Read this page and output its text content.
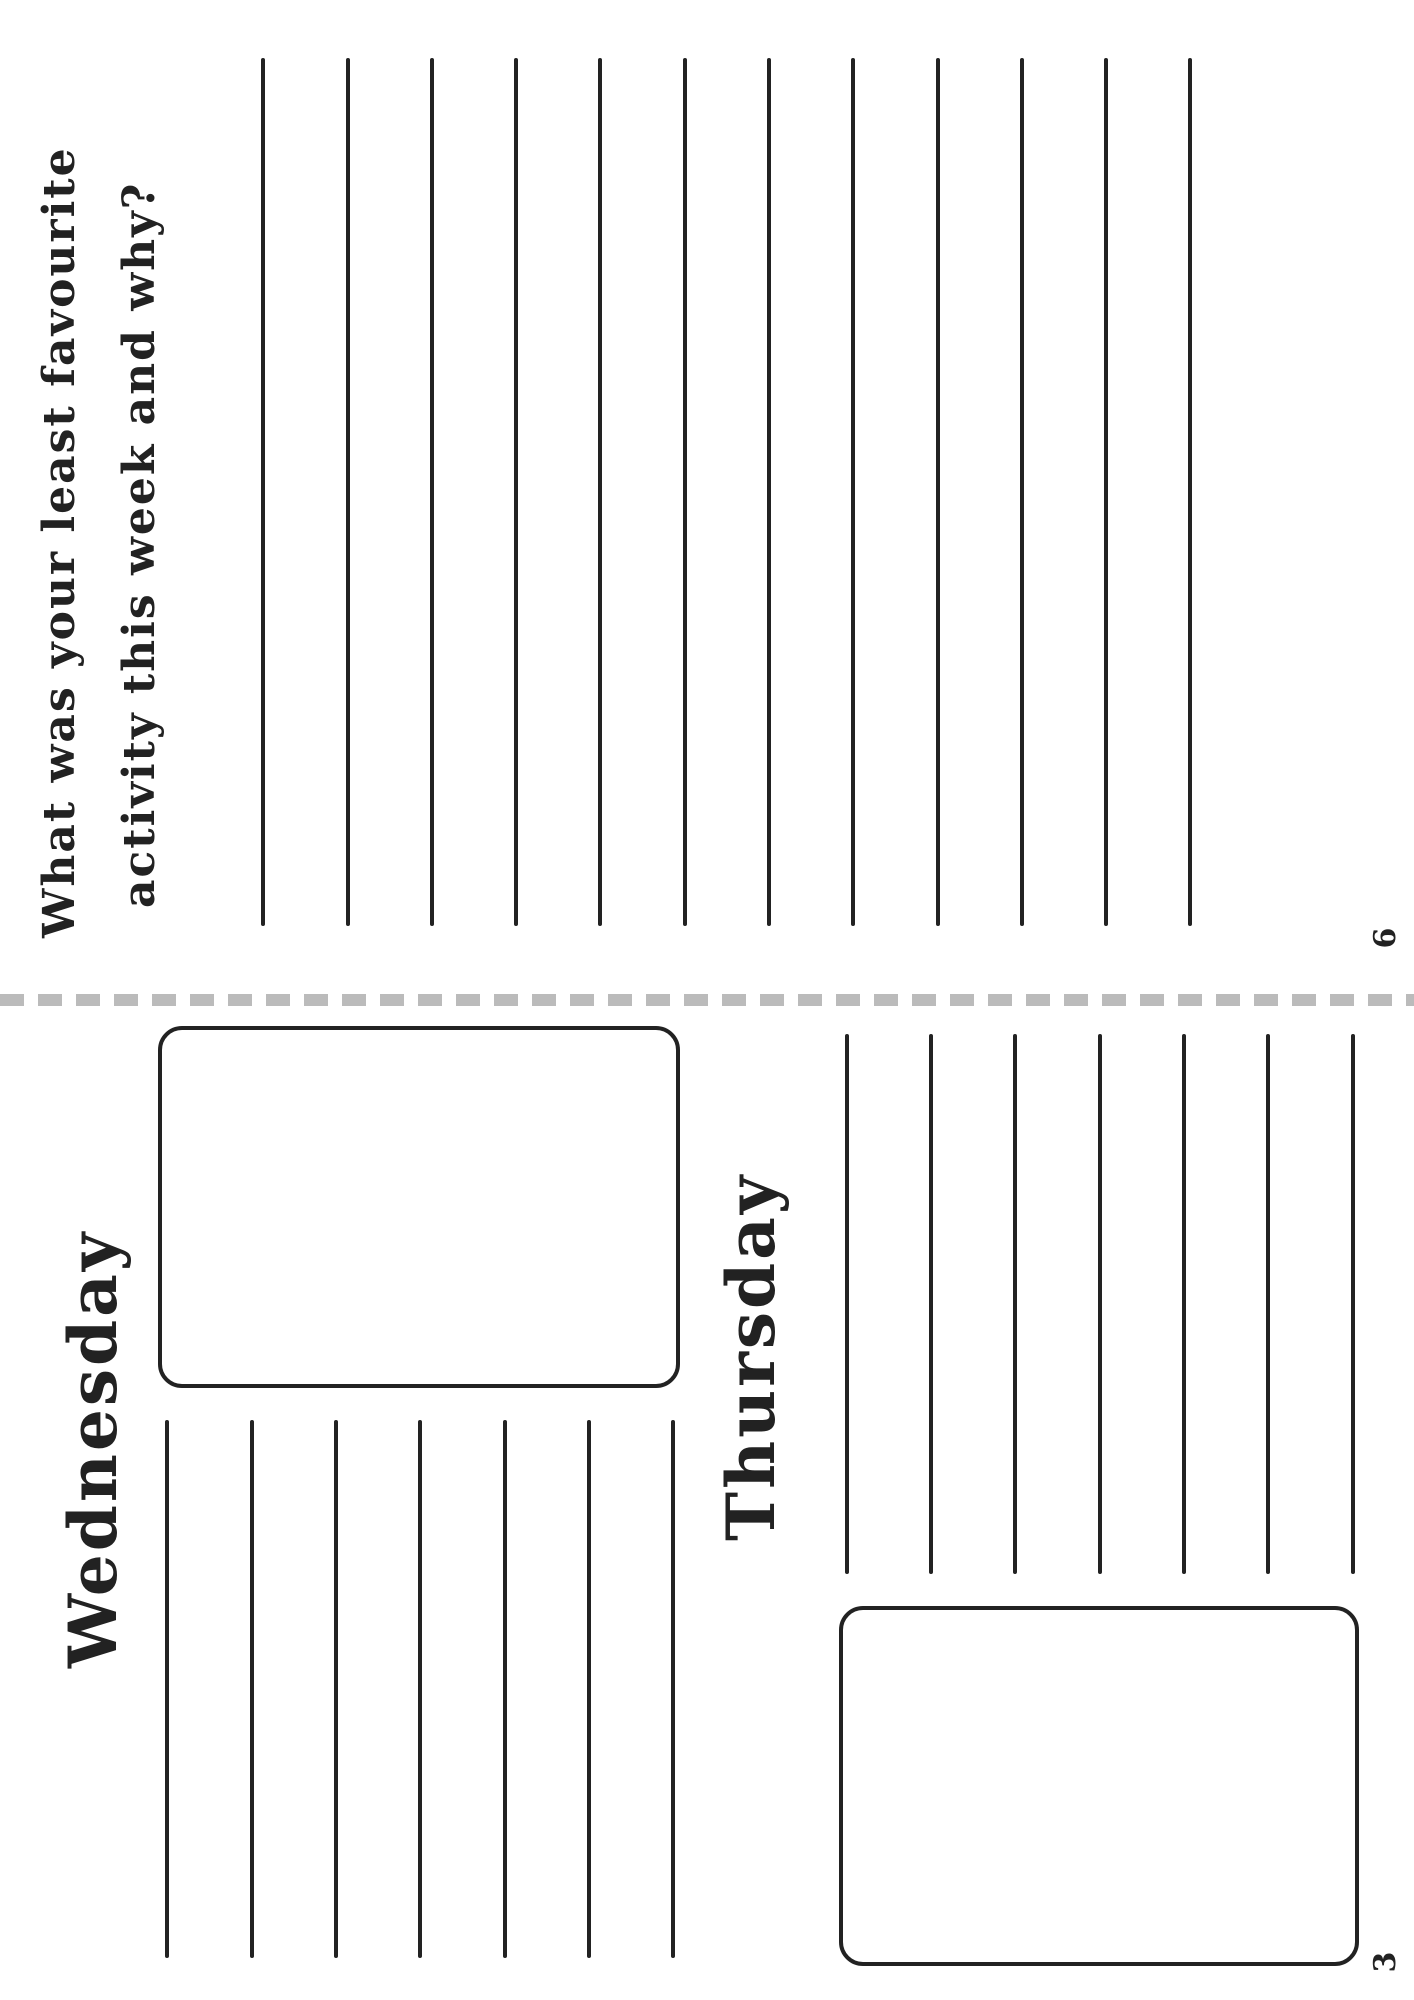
What was your least favourite activity this week and why?
6
Wednesday	Thursday
3
